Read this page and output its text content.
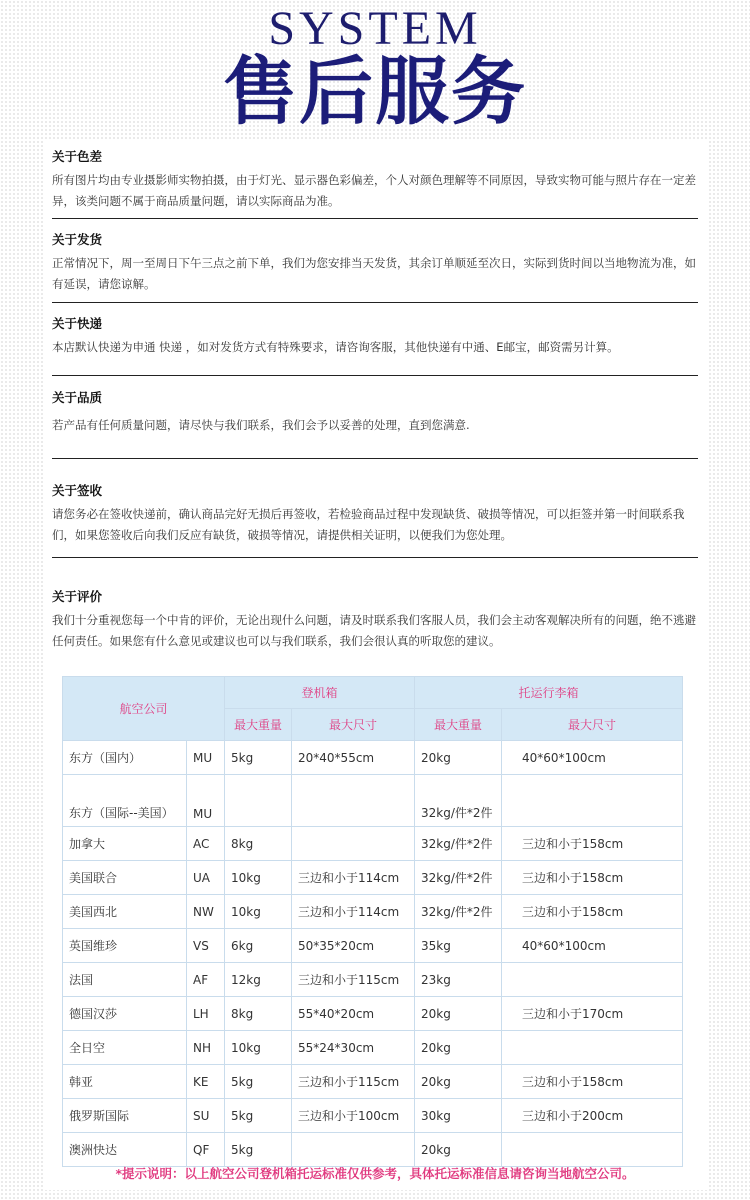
SYSTEM
售后服务
关于色差

所有图片均由专业摄影师实物拍摄，由于灯光、显示器色彩偏差，个人对颜色理解等不同原因，导致实物可能与照片存在一定差异，该类问题不属于商品质量问题，请以实际商品为准。

关于发货

正常情况下，周一至周日下午三点之前下单，我们为您安排当天发货，其余订单顺延至次日，实际到货时间以当地物流为准，如有延误，请您谅解。

关于快递

本店默认快递为申通 快递 ，如对发货方式有特殊要求，请咨询客服，其他快递有中通、E邮宝，邮资需另计算。

关于品质

若产品有任何质量问题，请尽快与我们联系，我们会予以妥善的处理，直到您满意.

关于签收

请您务必在签收快递前，确认商品完好无损后再签收，若检验商品过程中发现缺货、破损等情况，可以拒签并第一时间联系我们，如果您签收后向我们反应有缺货，破损等情况，请提供相关证明，以便我们为您处理。

关于评价

我们十分重视您每一个中肯的评价，无论出现什么问题，请及时联系我们客服人员，我们会主动客观解决所有的问题，绝不逃避任何责任。如果您有什么意见或建议也可以与我们联系，我们会很认真的听取您的建议。

航空公司		登机箱		托运行李箱	
		最大重量	最大尺寸	最大重量	最大尺寸
东方（国内）	MU	5kg	20*40*55cm	20kg	40*60*100cm
东方（国际--美国）	MU			32kg/件*2件	
加拿大	AC	8kg		32kg/件*2件	三边和小于158cm
美国联合	UA	10kg	三边和小于114cm	32kg/件*2件	三边和小于158cm
美国西北	NW	10kg	三边和小于114cm	32kg/件*2件	三边和小于158cm
英国维珍	VS	6kg	50*35*20cm	35kg	40*60*100cm
法国	AF	12kg	三边和小于115cm	23kg	
德国汉莎	LH	8kg	55*40*20cm	20kg	三边和小于170cm
全日空	NH	10kg	55*24*30cm	20kg	
韩亚	KE	5kg	三边和小于115cm	20kg	三边和小于158cm
俄罗斯国际	SU	5kg	三边和小于100cm	30kg	三边和小于200cm
澳洲快达	QF	5kg		20kg	
*提示说明：以上航空公司登机箱托运标准仅供参考，具体托运标准信息请咨询当地航空公司。
